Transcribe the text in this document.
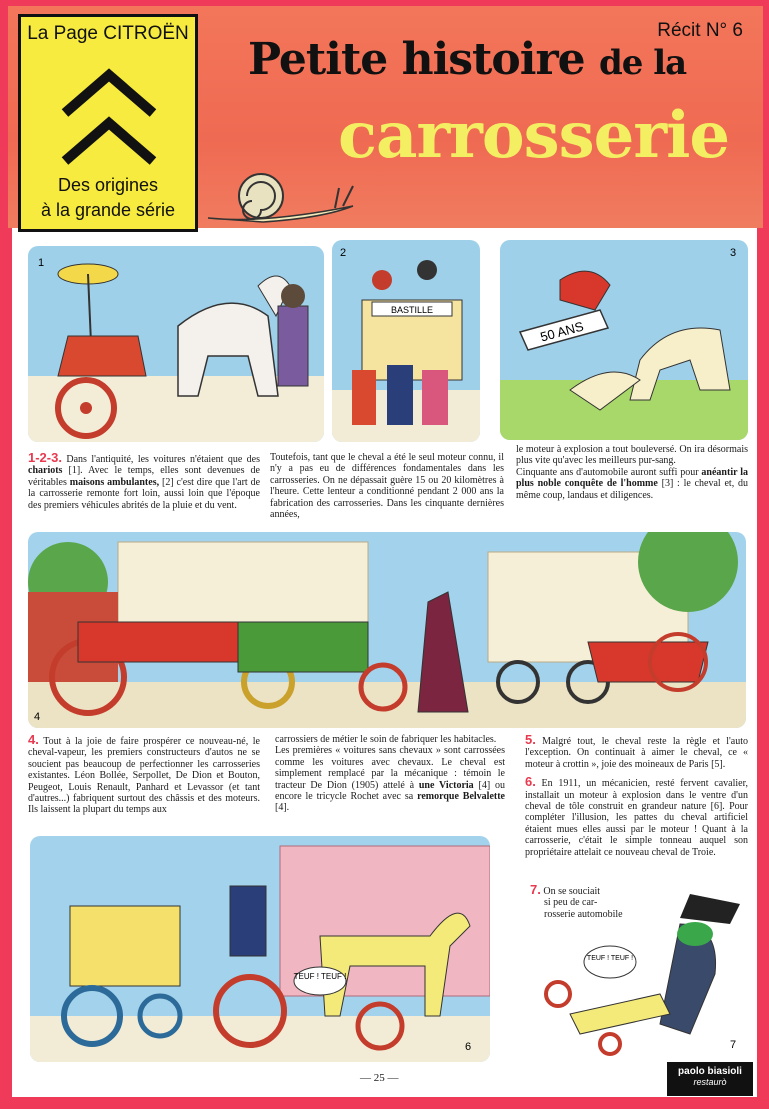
La Page CITROËN
Des origines
à la grande série
Récit N° 6
Petite histoire de la
carrosserie
1
BASTILLE
2
50 ANS
3

1-2-3. Dans l'antiquité, les voitures n'étaient que des chariots [1]. Avec le temps, elles sont devenues de véritables maisons ambulantes, [2] c'est dire que l'art de la carrosserie remonte fort loin, aussi loin que l'époque des premiers véhicules abrités de la pluie et du vent.

Toutefois, tant que le cheval a été le seul moteur connu, il n'y a pas eu de différences fondamentales dans les carrosseries. On ne dépassait guère 15 ou 20 kilomètres à l'heure. Cette lenteur a conditionné pendant 2 000 ans la fabrication des carrosseries. Dans les cinquante dernières années,

le moteur à explosion a tout bouleversé. On ira désormais plus vite qu'avec les meilleurs pur-sang.

Cinquante ans d'automobile auront suffi pour anéantir la plus noble conquête de l'homme [3] : le cheval et, du même coup, landaus et diligences.

4

4. Tout à la joie de faire prospérer ce nouveau-né, le cheval-vapeur, les premiers constructeurs d'autos ne se soucient pas beaucoup de perfectionner les carrosseries existantes. Léon Bollée, Serpollet, De Dion et Bouton, Peugeot, Louis Renault, Panhard et Levassor (et tant d'autres...) fabriquent surtout des châssis et des moteurs. Ils laissent la plupart du temps aux

carrossiers de métier le soin de fabriquer les habitacles.

Les premières « voitures sans chevaux » sont carrossées comme les voitures avec chevaux. Le cheval est simplement remplacé par la mécanique : témoin le tracteur De Dion (1905) attelé à une Victoria [4] ou encore le tricycle Rochet avec sa remorque Belvalette [4].

5. Malgré tout, le cheval reste la règle et l'auto l'exception. On continuait à aimer le cheval, ce « moteur à crottin », joie des moineaux de Paris [5].

6. En 1911, un mécanicien, resté fervent cavalier, installait un moteur à explosion dans le ventre d'un cheval de tôle construit en grandeur nature [6]. Pour compléter l'illusion, les pattes du cheval artificiel étaient mues elles aussi par le moteur ! Quant à la carrosserie, c'était le simple tonneau auquel son propriétaire attelait ce nouveau cheval de Troie.

TEUF ! TEUF !
6

7. On se souciait

si peu de car-

rosserie automobile

TEUF ! TEUF !
7
— 25 —
paolo biasioli
restaurò
